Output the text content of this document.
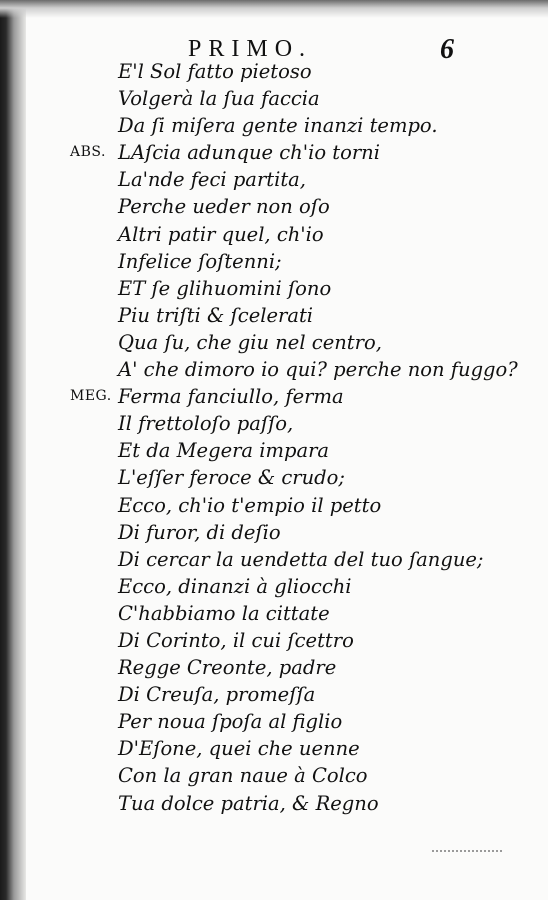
PRIMO.	6
E'l Sol fatto pietoso
Volgerà la ſua faccia
Da ſi miſera gente inanzi tempo.
ABS. LAſcia adunque ch'io torni
La'nde feci partita,
Perche ueder non oſo
Altri patir quel, ch'io
Infelice ſoſtenni;
ET ſe glihuomini ſono
Piu triſti & ſcelerati
Qua ſu, che giu nel centro,
A' che dimoro io qui? perche non fuggo?
MEG. Ferma fanciullo, ferma
Il frettoloſo paſſo,
Et da Megera impara
L'eſſer feroce & crudo;
Ecco, ch'io t'empio il petto
Di furor, di deſio
Di cercar la uendetta del tuo ſangue;
Ecco, dinanzi à gliocchi
C'habbiamo la cittate
Di Corinto, il cui ſcettro
Regge Creonte, padre
Di Creuſa, promeſſa
Per noua ſpoſa al figlio
D'Eſone, quei che uenne
Con la gran naue à Colco
Tua dolce patria, & Regno
